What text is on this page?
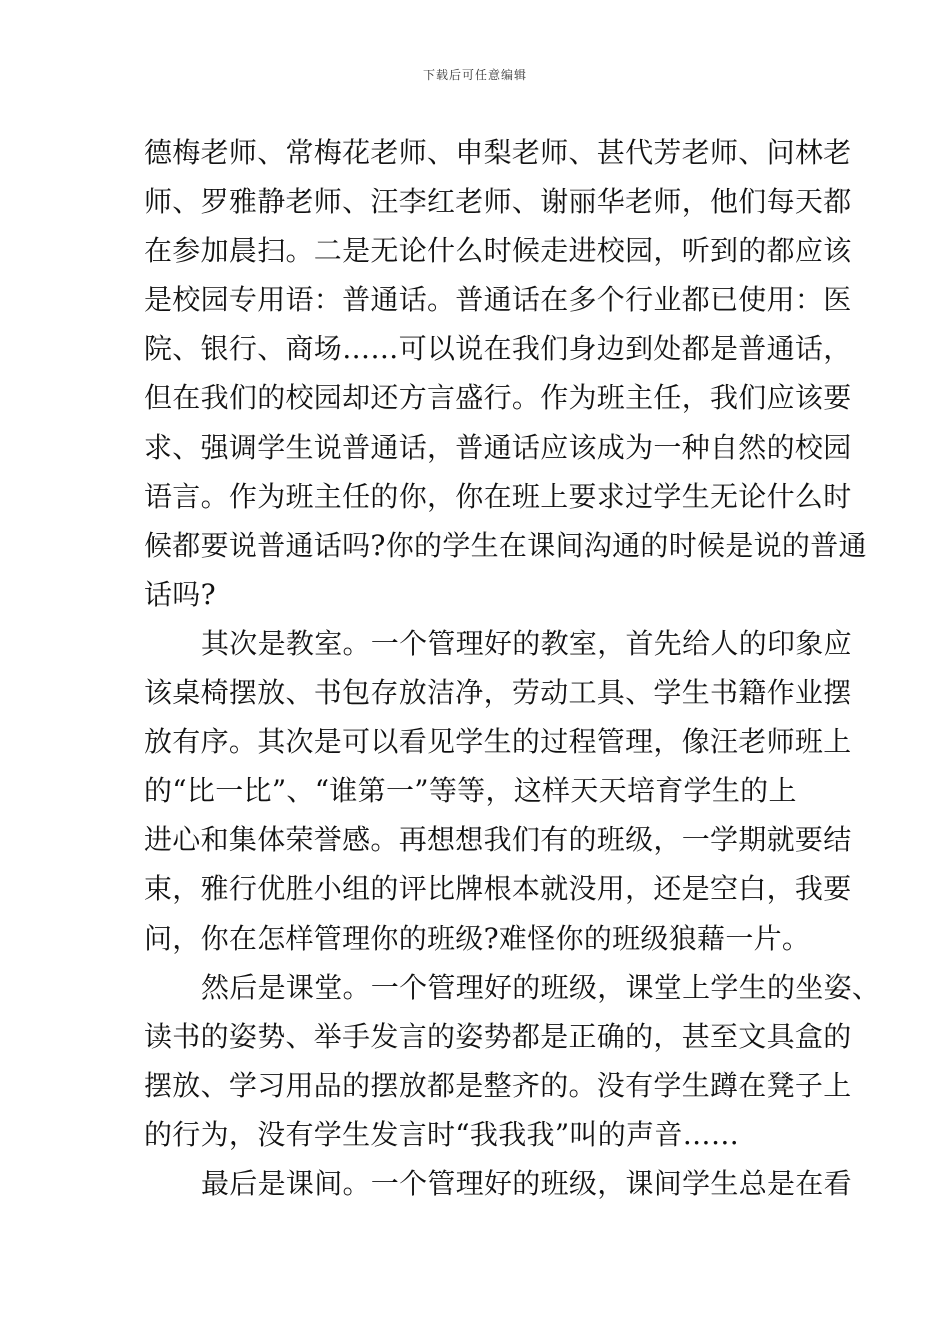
下载后可任意编辑
德梅老师、常梅花老师、申梨老师、甚代芳老师、问林老
师、罗雅静老师、汪李红老师、谢丽华老师，他们每天都
在参加晨扫。二是无论什么时候走进校园，听到的都应该
是校园专用语：普通话。普通话在多个行业都已使用：医
院、银行、商场……可以说在我们身边到处都是普通话，
但在我们的校园却还方言盛行。作为班主任，我们应该要
求、强调学生说普通话，普通话应该成为一种自然的校园
语言。作为班主任的你，你在班上要求过学生无论什么时
候都要说普通话吗?你的学生在课间沟通的时候是说的普通
话吗?
其次是教室。一个管理好的教室，首先给人的印象应
该桌椅摆放、书包存放洁净，劳动工具、学生书籍作业摆
放有序。其次是可以看见学生的过程管理，像汪老师班上
的“比一比”、“谁第一”等等，这样天天培育学生的上
进心和集体荣誉感。再想想我们有的班级，一学期就要结
束，雅行优胜小组的评比牌根本就没用，还是空白，我要
问，你在怎样管理你的班级?难怪你的班级狼藉一片。
然后是课堂。一个管理好的班级，课堂上学生的坐姿、
读书的姿势、举手发言的姿势都是正确的，甚至文具盒的
摆放、学习用品的摆放都是整齐的。没有学生蹲在凳子上
的行为，没有学生发言时“我我我”叫的声音……
最后是课间。一个管理好的班级，课间学生总是在看
